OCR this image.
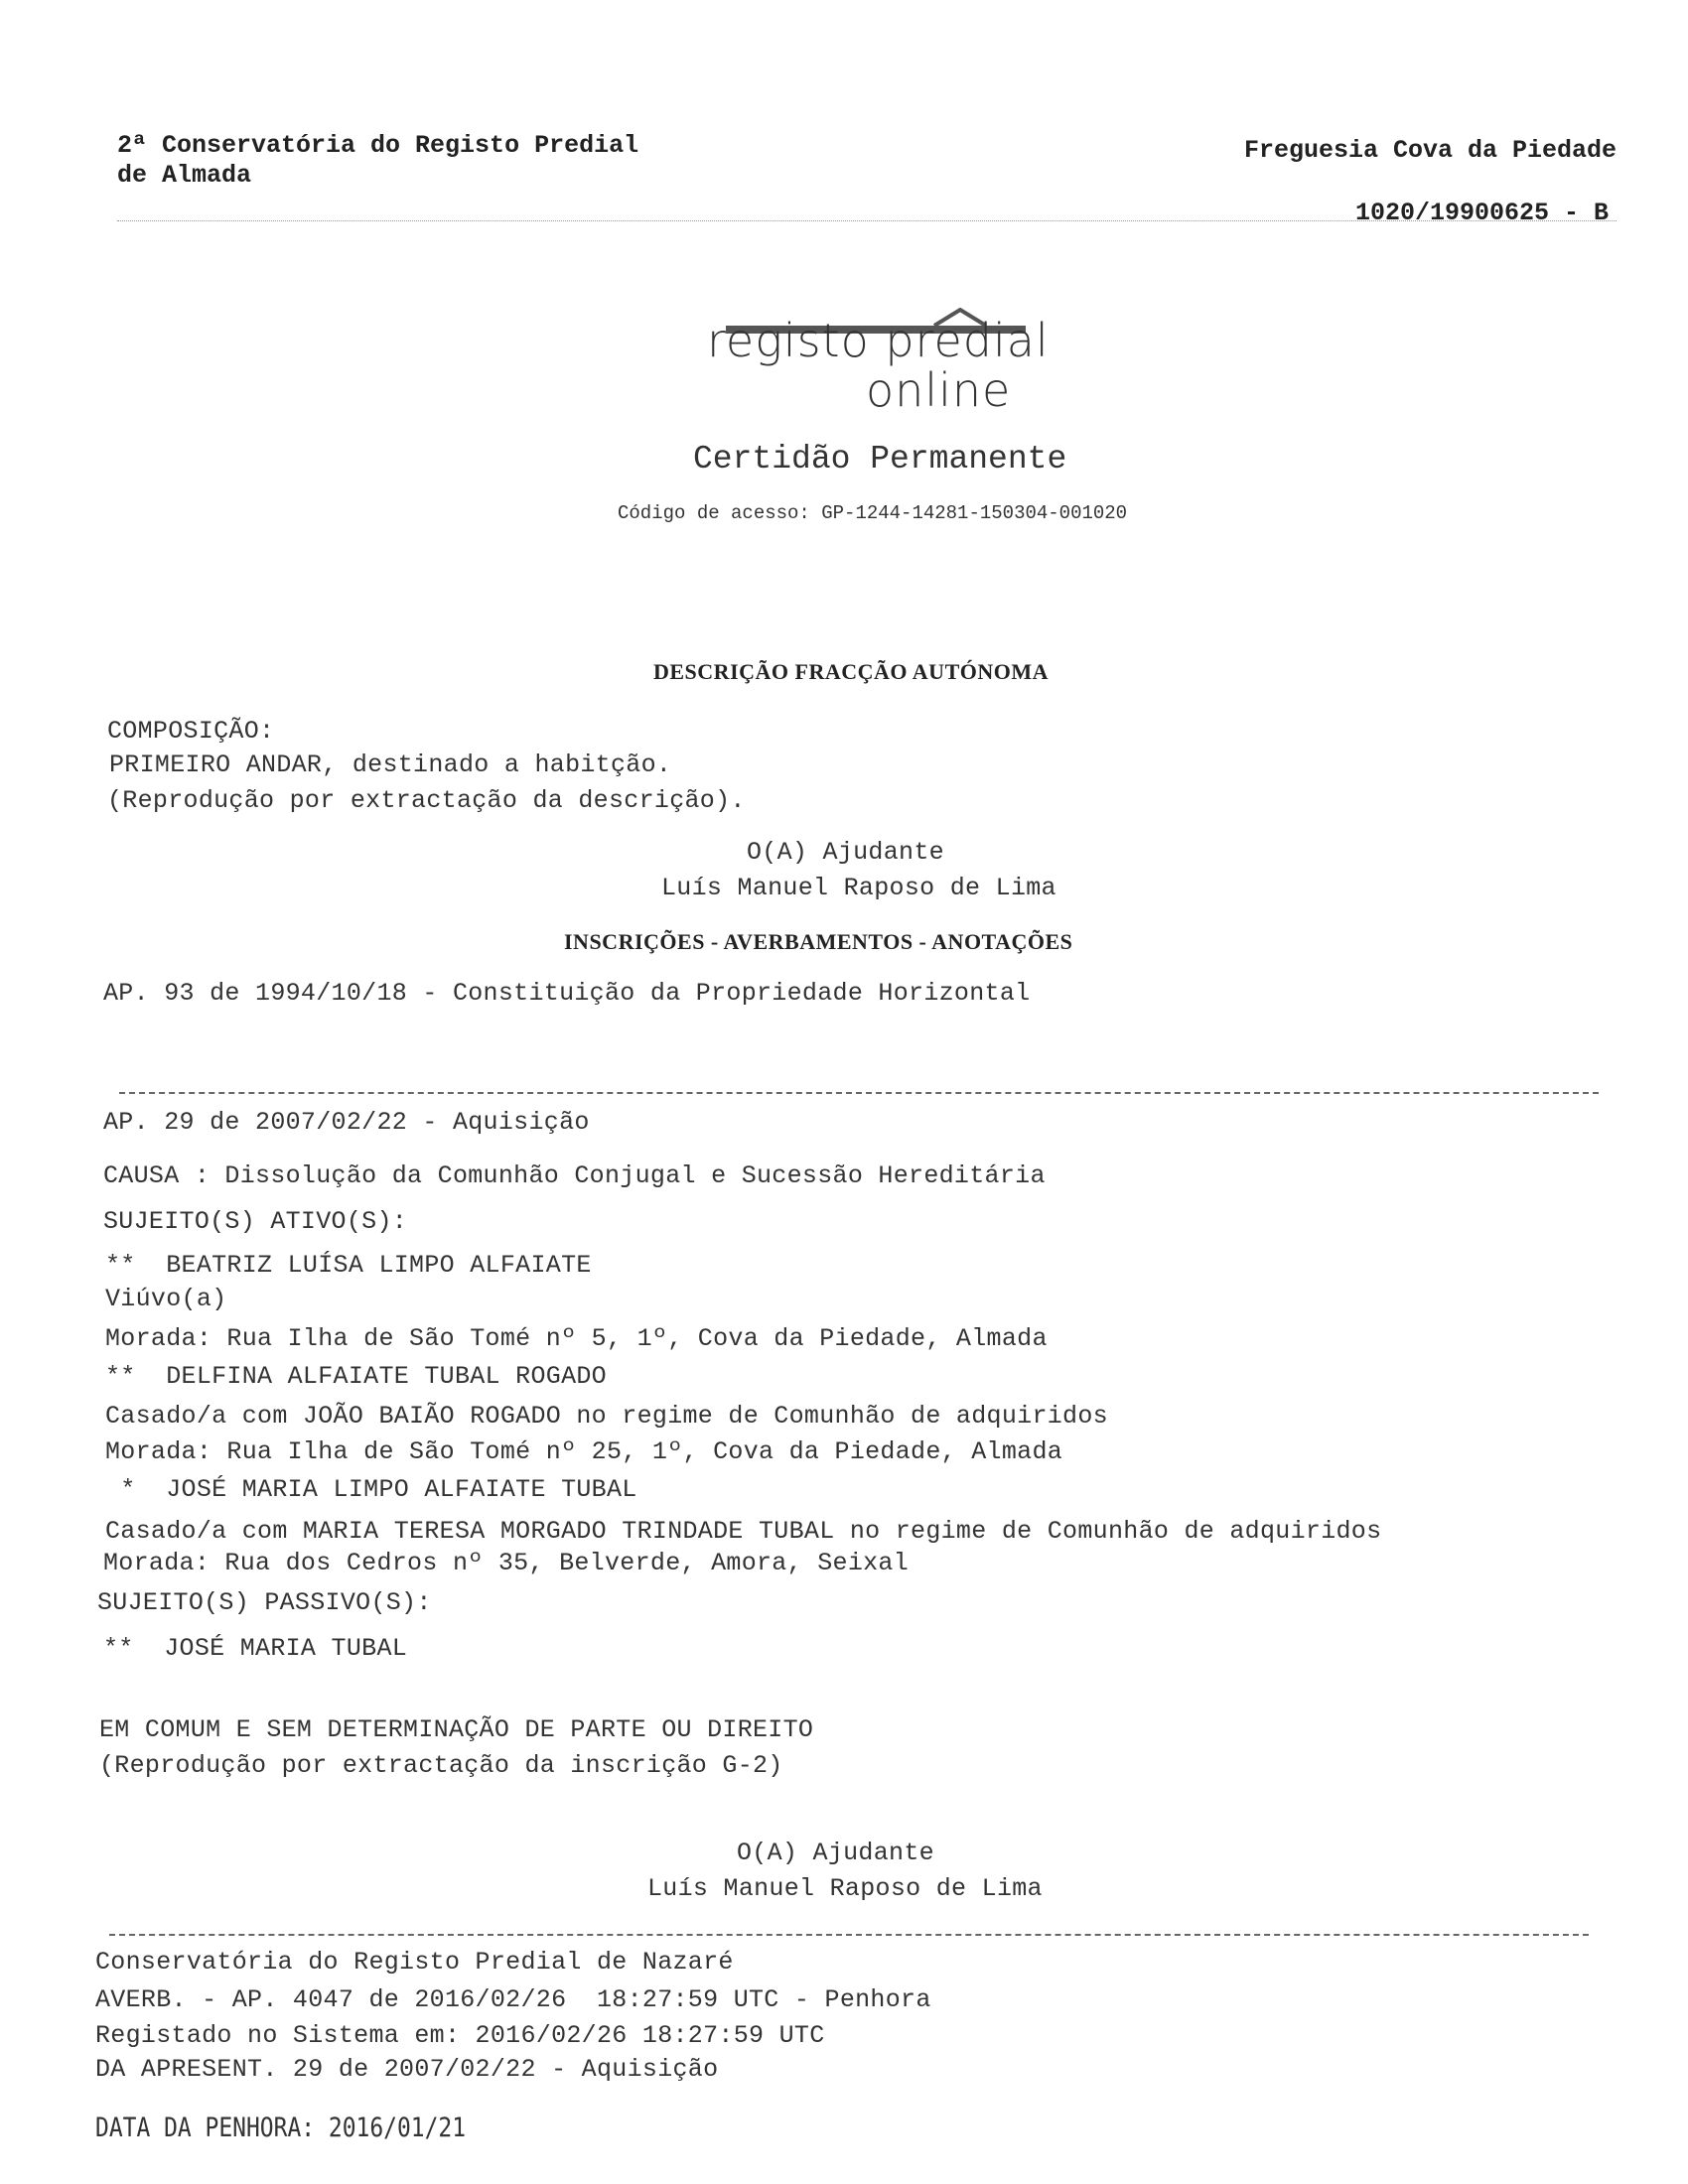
2ª Conservatória do Registo Predial
de Almada
Freguesia Cova da Piedade
1020/19900625 - B

registo predial
online
Certidão Permanente
Código de acesso: GP-1244-14281-150304-001020
DESCRIÇÃO FRACÇÃO AUTÓNOMA
COMPOSIÇÃO:
PRIMEIRO ANDAR, destinado a habitção.
(Reprodução por extractação da descrição).
O(A) Ajudante
Luís Manuel Raposo de Lima
INSCRIÇÕES - AVERBAMENTOS - ANOTAÇÕES
AP. 93 de 1994/10/18 - Constituição da Propriedade Horizontal
AP. 29 de 2007/02/22 - Aquisição
CAUSA : Dissolução da Comunhão Conjugal e Sucessão Hereditária
SUJEITO(S) ATIVO(S):
**  BEATRIZ LUÍSA LIMPO ALFAIATE
Viúvo(a)
Morada: Rua Ilha de São Tomé nº 5, 1º, Cova da Piedade, Almada
**  DELFINA ALFAIATE TUBAL ROGADO
Casado/a com JOÃO BAIÃO ROGADO no regime de Comunhão de adquiridos
Morada: Rua Ilha de São Tomé nº 25, 1º, Cova da Piedade, Almada
*  JOSÉ MARIA LIMPO ALFAIATE TUBAL
Casado/a com MARIA TERESA MORGADO TRINDADE TUBAL no regime de Comunhão de adquiridos
Morada: Rua dos Cedros nº 35, Belverde, Amora, Seixal
SUJEITO(S) PASSIVO(S):
**  JOSÉ MARIA TUBAL
EM COMUM E SEM DETERMINAÇÃO DE PARTE OU DIREITO
(Reprodução por extractação da inscrição G-2)
O(A) Ajudante
Luís Manuel Raposo de Lima
Conservatória do Registo Predial de Nazaré
AVERB. - AP. 4047 de 2016/02/26  18:27:59 UTC - Penhora
Registado no Sistema em: 2016/02/26 18:27:59 UTC
DA APRESENT. 29 de 2007/02/22 - Aquisição
DATA DA PENHORA: 2016/01/21
